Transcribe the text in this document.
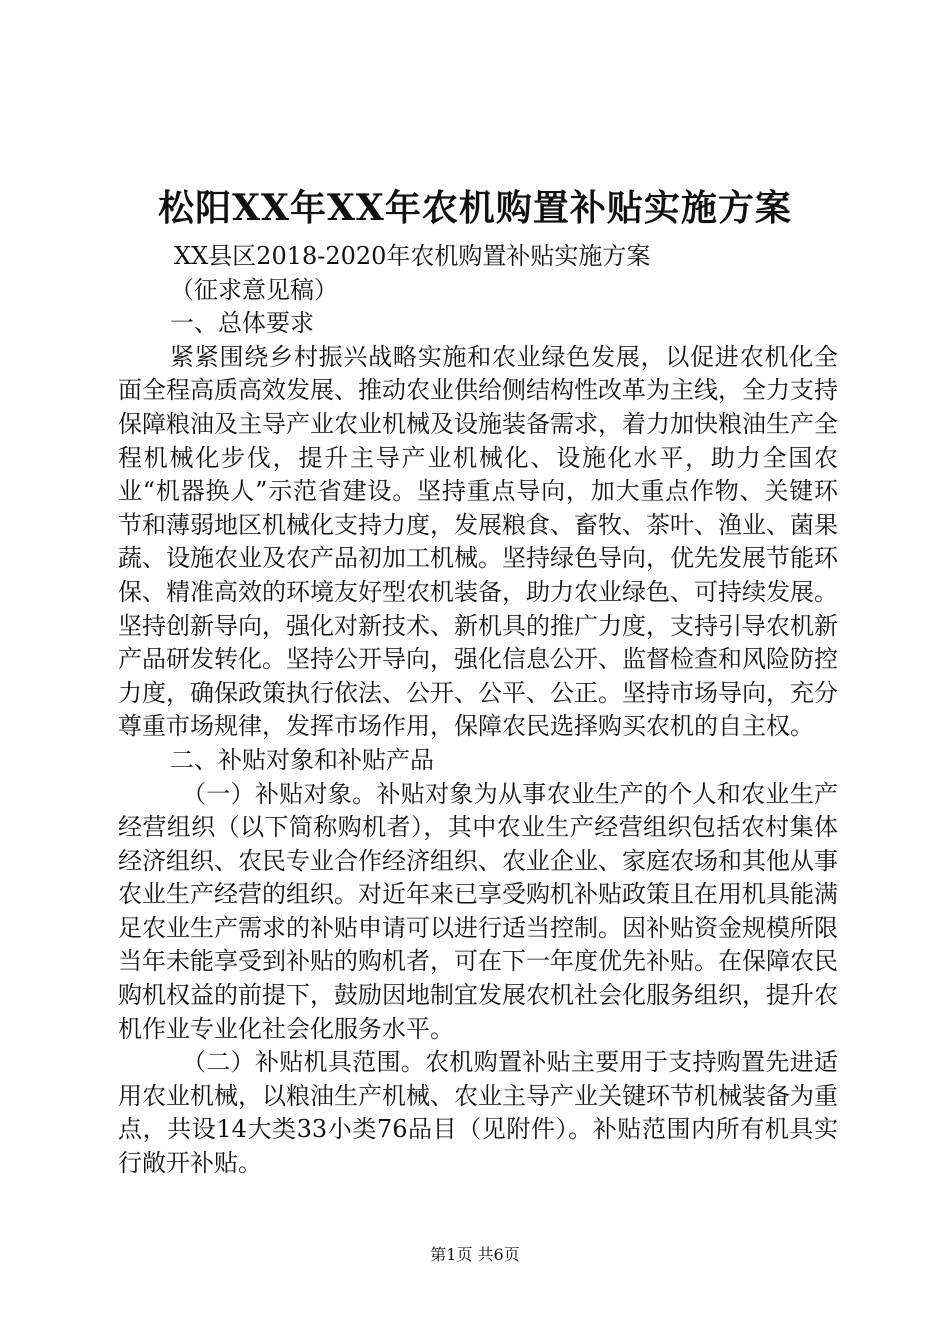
松阳XX年XX年农机购置补贴实施方案

XX县区2018-2020年农机购置补贴实施方案

（征求意见稿）

一、总体要求

紧紧围绕乡村振兴战略实施和农业绿色发展，以促进农机化全面全程高质高效发展、推动农业供给侧结构性改革为主线，全力支持保障粮油及主导产业农业机械及设施装备需求，着力加快粮油生产全程机械化步伐，提升主导产业机械化、设施化水平，助力全国农业“机器换人”示范省建设。坚持重点导向，加大重点作物、关键环节和薄弱地区机械化支持力度，发展粮食、畜牧、茶叶、渔业、菌果蔬、设施农业及农产品初加工机械。坚持绿色导向，优先发展节能环保、精准高效的环境友好型农机装备，助力农业绿色、可持续发展。坚持创新导向，强化对新技术、新机具的推广力度，支持引导农机新产品研发转化。坚持公开导向，强化信息公开、监督检查和风险防控力度，确保政策执行依法、公开、公平、公正。坚持市场导向，充分尊重市场规律，发挥市场作用，保障农民选择购买农机的自主权。

二、补贴对象和补贴产品

（一）补贴对象。补贴对象为从事农业生产的个人和农业生产经营组织（以下简称购机者），其中农业生产经营组织包括农村集体经济组织、农民专业合作经济组织、农业企业、家庭农场和其他从事农业生产经营的组织。对近年来已享受购机补贴政策且在用机具能满足农业生产需求的补贴申请可以进行适当控制。因补贴资金规模所限当年未能享受到补贴的购机者，可在下一年度优先补贴。在保障农民购机权益的前提下，鼓励因地制宜发展农机社会化服务组织，提升农机作业专业化社会化服务水平。

（二）补贴机具范围。农机购置补贴主要用于支持购置先进适用农业机械，以粮油生产机械、农业主导产业关键环节机械装备为重点，共设14大类33小类76品目（见附件）。补贴范围内所有机具实行敞开补贴。

第1页 共6页
